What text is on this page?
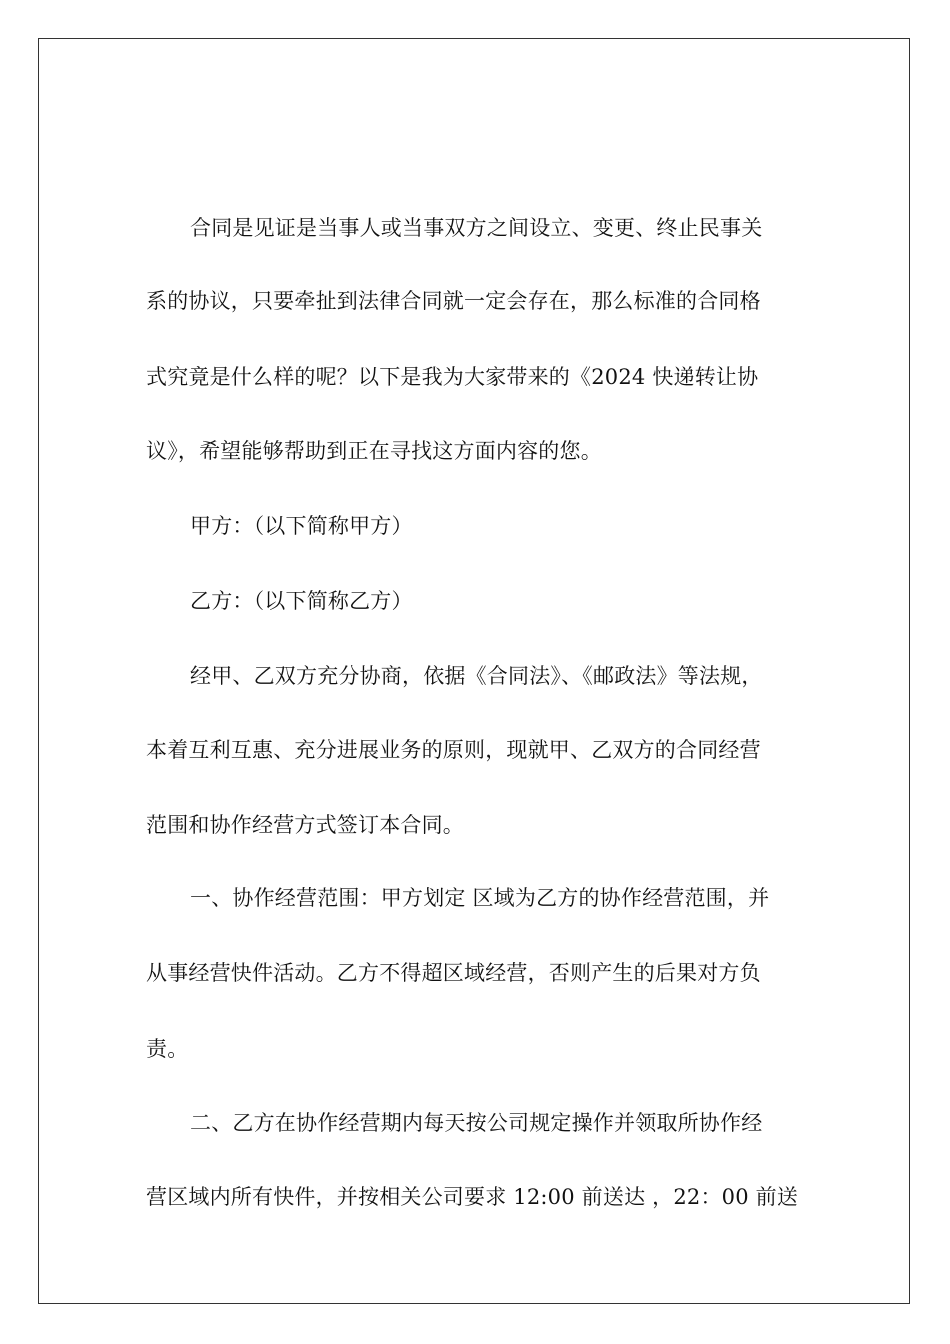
合同是见证是当事人或当事双方之间设立、变更、终止民事关
系的协议，只要牵扯到法律合同就一定会存在，那么标准的合同格
式究竟是什么样的呢？以下是我为大家带来的《2024 快递转让协
议》，希望能够帮助到正在寻找这方面内容的您。
甲方：（以下简称甲方）
乙方：（以下简称乙方）
经甲、乙双方充分协商，依据《合同法》、《邮政法》等法规，
本着互利互惠、充分进展业务的原则，现就甲、乙双方的合同经营
范围和协作经营方式签订本合同。
一、协作经营范围：甲方划定 区域为乙方的协作经营范围，并
从事经营快件活动。乙方不得超区域经营，否则产生的后果对方负
责。
二、乙方在协作经营期内每天按公司规定操作并领取所协作经
营区域内所有快件，并按相关公司要求 12:00 前送达 ，22：00 前送
